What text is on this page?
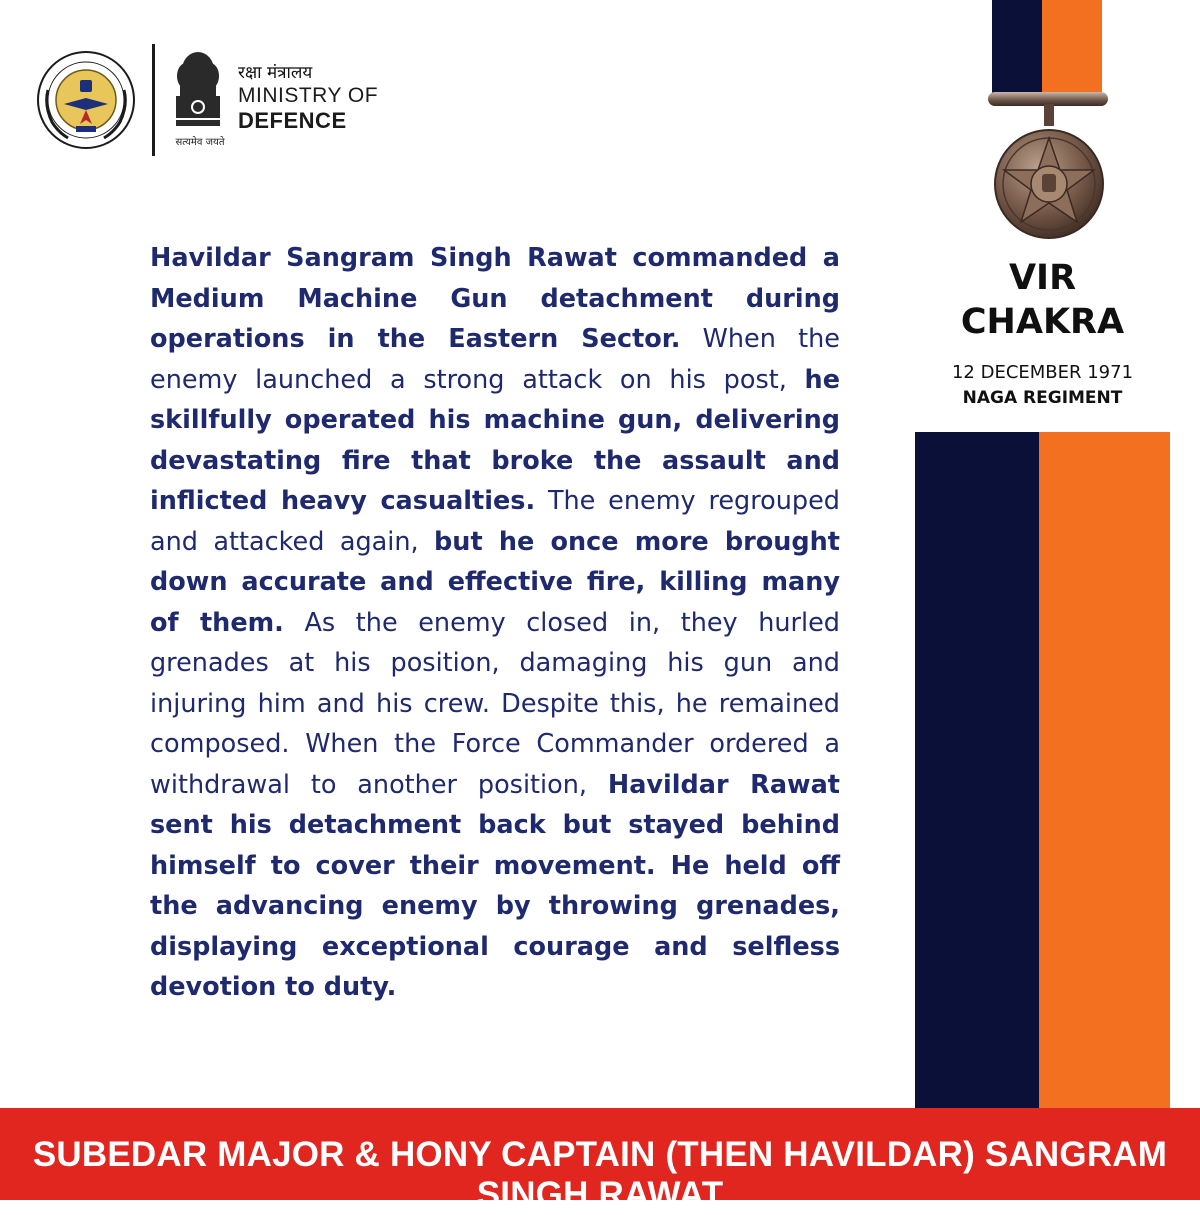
सत्यमेव जयते
रक्षा मंत्रालय
MINISTRY OF
DEFENCE

Havildar Sangram Singh Rawat commanded a Medium Machine Gun detachment during operations in the Eastern Sector. When the enemy launched a strong attack on his post, he skillfully operated his machine gun, delivering devastating fire that broke the assault and inflicted heavy casualties. The enemy regrouped and attacked again, but he once more brought down accurate and effective fire, killing many of them. As the enemy closed in, they hurled grenades at his position, damaging his gun and injuring him and his crew. Despite this, he remained composed. When the Force Commander ordered a withdrawal to another position, Havildar Rawat sent his detachment back but stayed behind himself to cover their movement. He held off the advancing enemy by throwing grenades, displaying exceptional courage and selfless devotion to duty.

VIR
CHAKRA
12 DECEMBER 1971
NAGA REGIMENT
SUBEDAR MAJOR & HONY CAPTAIN (THEN HAVILDAR) SANGRAM SINGH RAWAT
